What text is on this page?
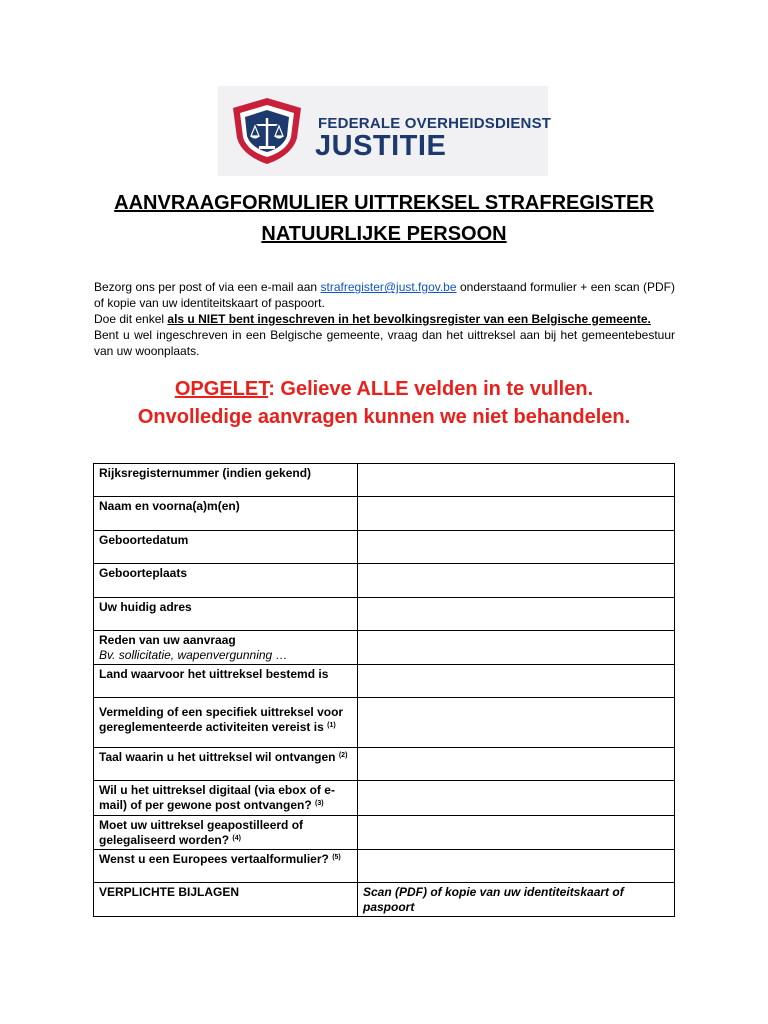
FEDERALE OVERHEIDSDIENST
JUSTITIE
AANVRAAGFORMULIER UITTREKSEL STRAFREGISTER
NATUURLIJKE PERSOON

Bezorg ons per post of via een e-mail aan strafregister@just.fgov.be onderstaand formulier + een scan (PDF) of kopie van uw identiteitskaart of paspoort.

Doe dit enkel als u NIET bent ingeschreven in het bevolkingsregister van een Belgische gemeente.

Bent u wel ingeschreven in een Belgische gemeente, vraag dan het uittreksel aan bij het gemeentebestuur van uw woonplaats.

OPGELET: Gelieve ALLE velden in te vullen.
Onvolledige aanvragen kunnen we niet behandelen.
Rijksregisternummer (indien gekend)	
Naam en voorna(a)m(en)	
Geboortedatum	
Geboorteplaats	
Uw huidig adres	
Reden van uw aanvraag
Bv. sollicitatie, wapenvergunning …	

Land waarvoor het uittreksel bestemd is	
Vermelding of een specifiek uittreksel voor gereglementeerde activiteiten vereist is $^{(1)}$	
Taal waarin u het uittreksel wil ontvangen $^{(2)}$	
Wil u het uittreksel digitaal (via ebox of e-mail) of per gewone post ontvangen? $^{(3)}$	
Moet uw uittreksel geapostilleerd of gelegaliseerd worden? $^{(4)}$	
Wenst u een Europees vertaalformulier? $^{(5)}$	
VERPLICHTE BIJLAGEN	Scan (PDF) of kopie van uw identiteitskaart of paspoort
